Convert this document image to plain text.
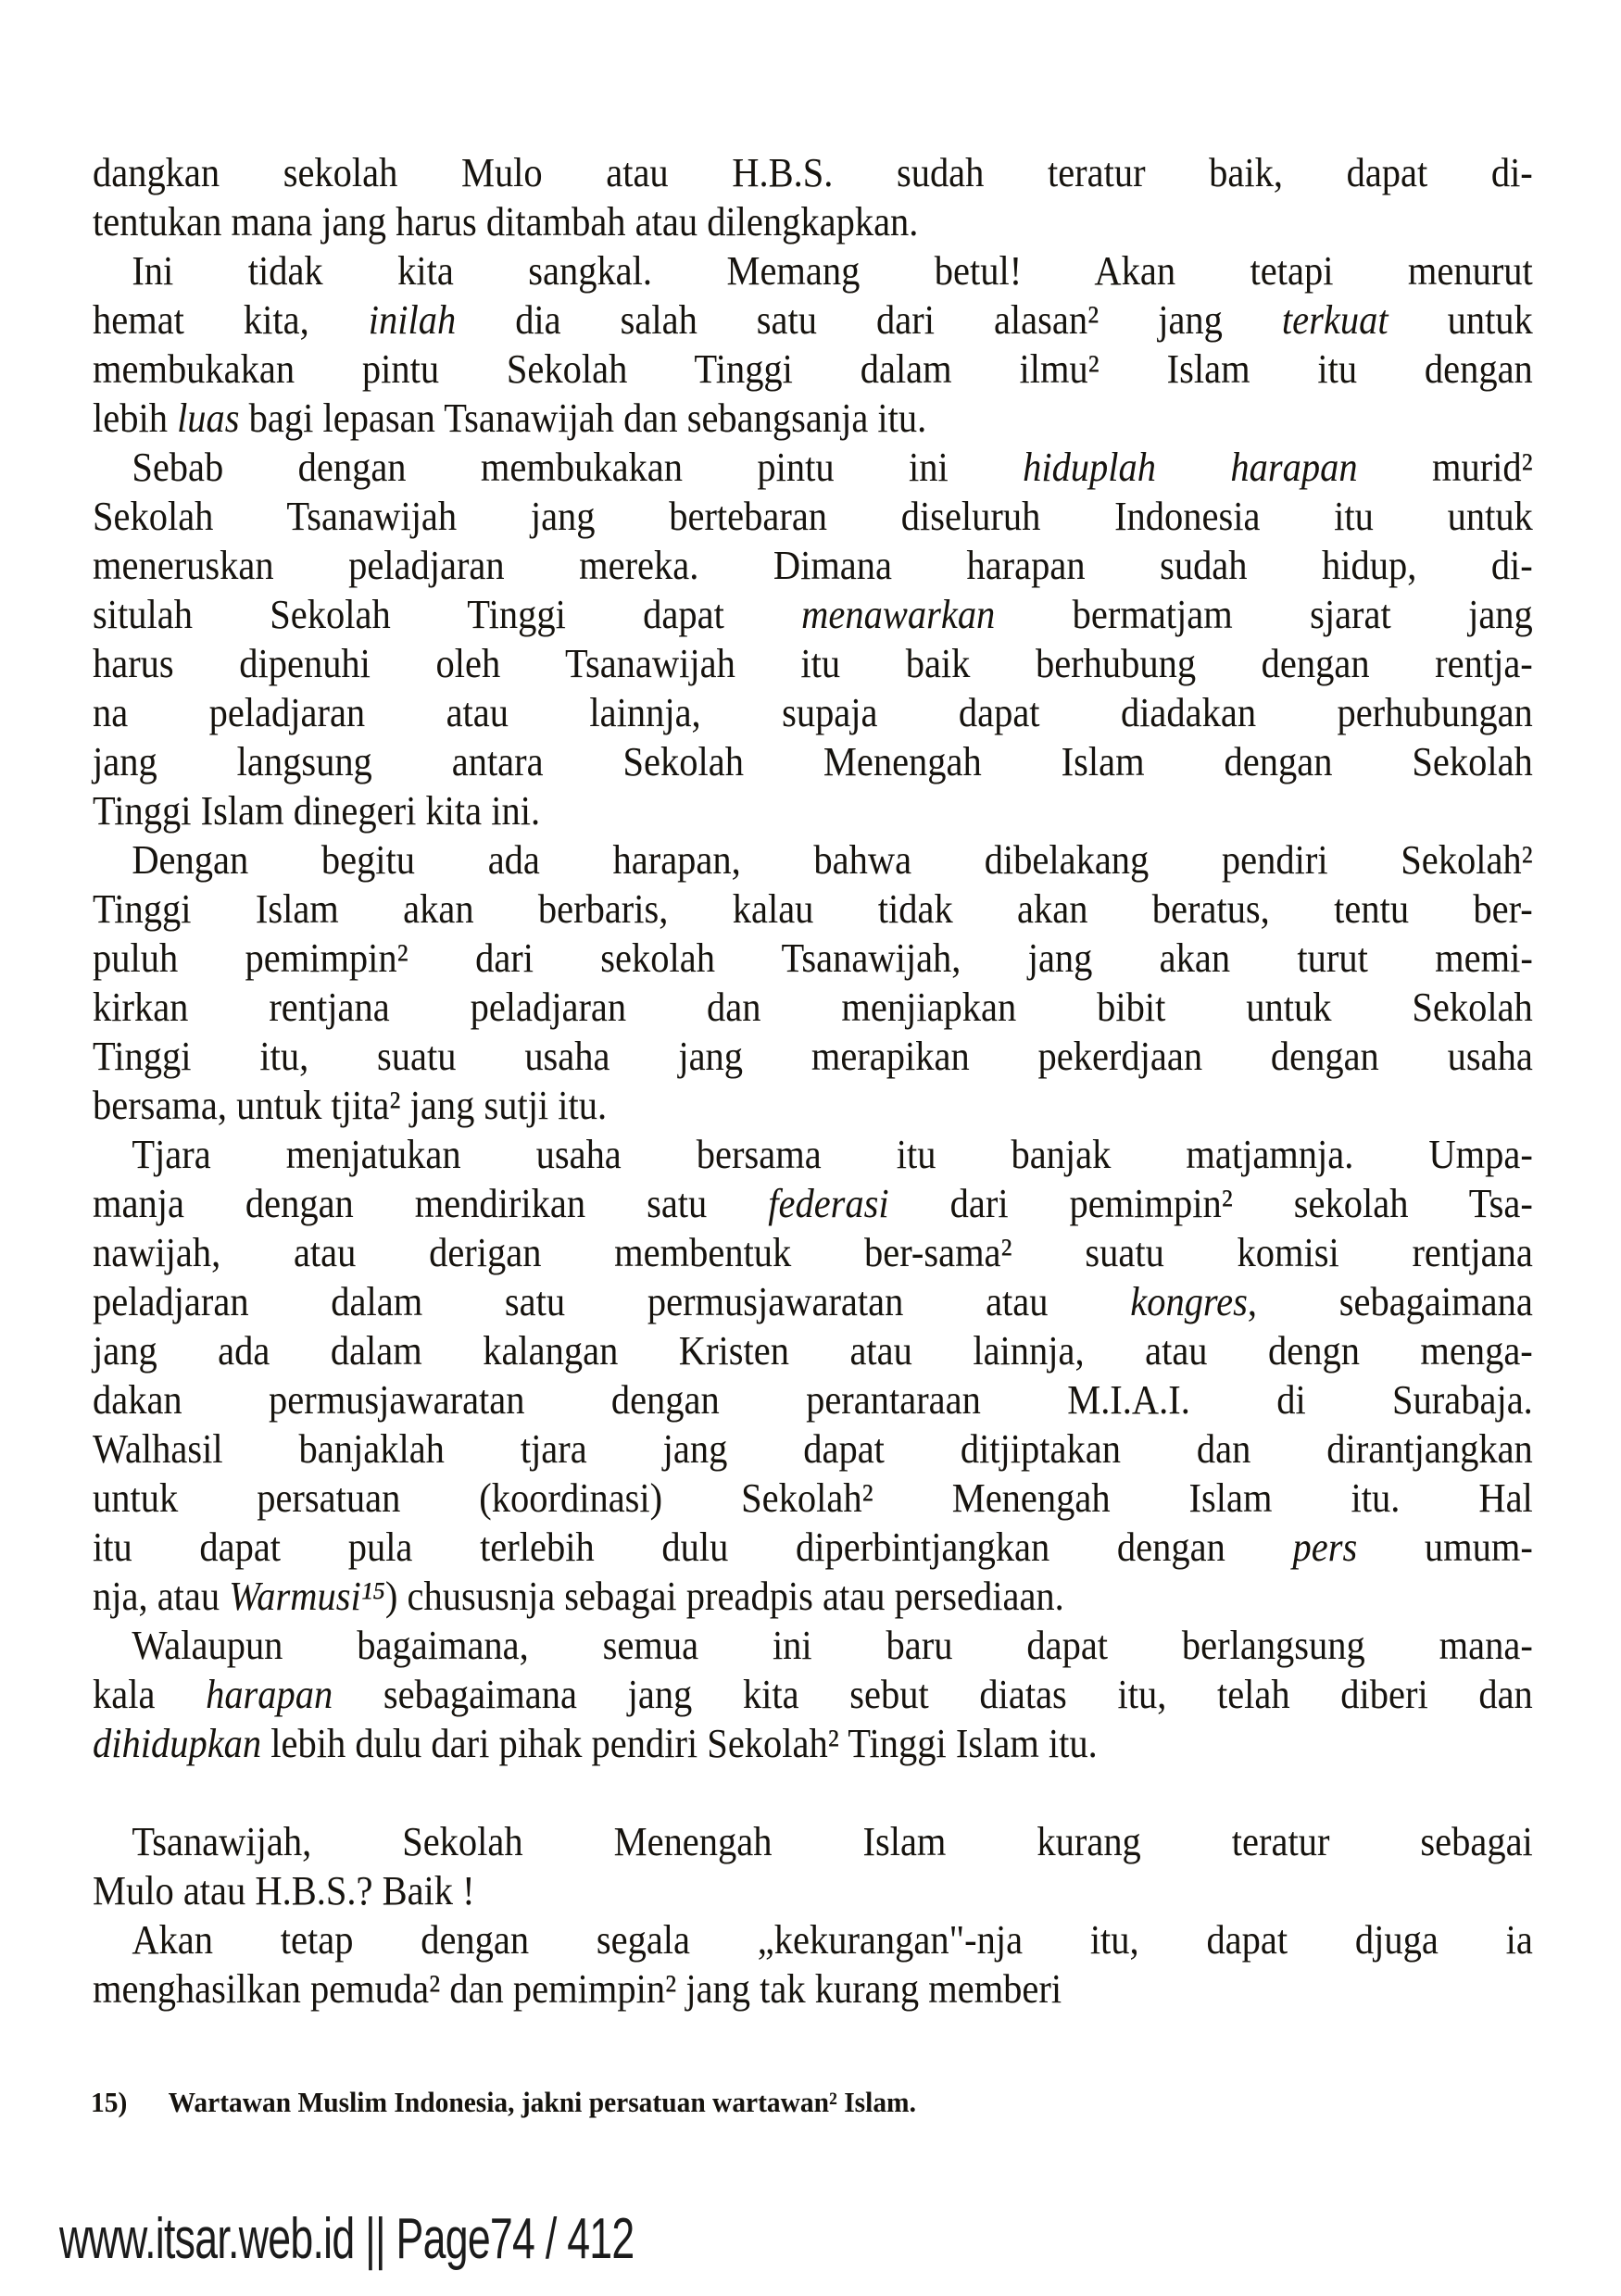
dangkan sekolah Mulo atau H.B.S. sudah teratur baik, dapat di-
tentukan mana jang harus ditambah atau dilengkapkan.
Ini tidak kita sangkal. Memang betul! Akan tetapi menurut
hemat kita, inilah dia salah satu dari alasan² jang terkuat untuk
membukakan pintu Sekolah Tinggi dalam ilmu² Islam itu dengan
lebih luas bagi lepasan Tsanawijah dan sebangsanja itu.
Sebab dengan membukakan pintu ini hiduplah harapan murid²
Sekolah Tsanawijah jang bertebaran diseluruh Indonesia itu untuk
meneruskan peladjaran mereka. Dimana harapan sudah hidup, di-
situlah Sekolah Tinggi dapat menawarkan bermatjam sjarat jang
harus dipenuhi oleh Tsanawijah itu baik berhubung dengan rentja-
na peladjaran atau lainnja, supaja dapat diadakan perhubungan
jang langsung antara Sekolah Menengah Islam dengan Sekolah
Tinggi Islam dinegeri kita ini.
Dengan begitu ada harapan, bahwa dibelakang pendiri Sekolah²
Tinggi Islam akan berbaris, kalau tidak akan beratus, tentu ber-
puluh pemimpin² dari sekolah Tsanawijah, jang akan turut memi-
kirkan rentjana peladjaran dan menjiapkan bibit untuk Sekolah
Tinggi itu, suatu usaha jang merapikan pekerdjaan dengan usaha
bersama, untuk tjita² jang sutji itu.
Tjara menjatukan usaha bersama itu banjak matjamnja. Umpa-
manja dengan mendirikan satu federasi dari pemimpin² sekolah Tsa-
nawijah, atau derigan membentuk ber-sama² suatu komisi rentjana
peladjaran dalam satu permusjawaratan atau kongres, sebagaimana
jang ada dalam kalangan Kristen atau lainnja, atau dengn menga-
dakan permusjawaratan dengan perantaraan M.I.A.I. di Surabaja.
Walhasil banjaklah tjara jang dapat ditjiptakan dan dirantjangkan
untuk persatuan (koordinasi) Sekolah² Menengah Islam itu. Hal
itu dapat pula terlebih dulu diperbintjangkan dengan pers umum-
nja, atau Warmusi¹⁵) chususnja sebagai preadpis atau persediaan.
Walaupun bagaimana, semua ini baru dapat berlangsung mana-
kala harapan sebagaimana jang kita sebut diatas itu, telah diberi dan
dihidupkan lebih dulu dari pihak pendiri Sekolah² Tinggi Islam itu.
Tsanawijah, Sekolah Menengah Islam kurang teratur sebagai
Mulo atau H.B.S.? Baik !
Akan tetap dengan segala „kekurangan"-nja itu, dapat djuga ia
menghasilkan pemuda² dan pemimpin² jang tak kurang memberi
15)	Wartawan Muslim Indonesia, jakni persatuan wartawan² Islam.
www.itsar.web.id || Page74 / 412
